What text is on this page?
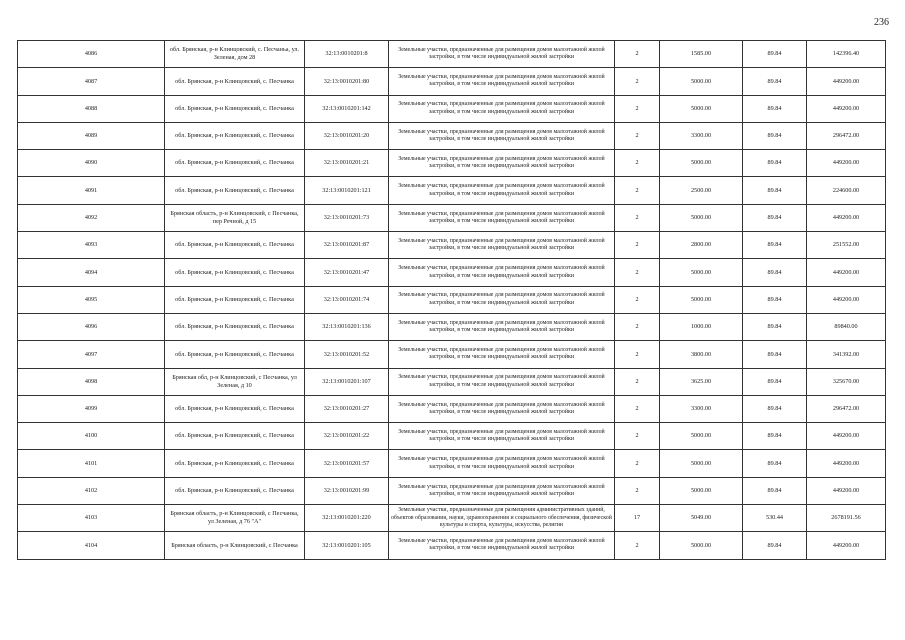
236
4086	обл. Брянская, р-н Клинцовский, с. Песчаньа, ул. Зеленая, дом 28	32:13:0010201:8	Земельные участки, предназначенные для размещения домов малоэтажной жилой застройки, в том числе индивидуальной жилой застройки	2	1585.00	89.84	142396.40
4087	обл. Брянская, р-н Клинцовский, с. Песчанка	32:13:0010201:80	Земельные участки, предназначенные для размещения домов малоэтажной жилой застройки, в том числе индивидуальной жилой застройки	2	5000.00	89.84	449200.00
4088	обл. Брянская, р-н Клинцовский, с. Песчанка	32:13:0010201:142	Земельные участки, предназначенные для размещения домов малоэтажной жилой застройки, в том числе индивидуальной жилой застройки	2	5000.00	89.84	449200.00
4089	обл. Брянская, р-н Клинцовский, с. Песчанка	32:13:0010201:20	Земельные участки, предназначенные для размещения домов малоэтажной жилой застройки, в том числе индивидуальной жилой застройки	2	3300.00	89.84	296472.00
4090	обл. Брянская, р-н Клинцовский, с. Песчанка	32:13:0010201:21	Земельные участки, предназначенные для размещения домов малоэтажной жилой застройки, в том числе индивидуальной жилой застройки	2	5000.00	89.84	449200.00
4091	обл. Брянская, р-н Клинцовский, с. Песчанка	32:13:0010201:121	Земельные участки, предназначенные для размещения домов малоэтажной жилой застройки, в том числе индивидуальной жилой застройки	2	2500.00	89.84	224600.00
4092	Брянская область, р-н Клинцовский, с Песчанка, пер Речной, д 15	32:13:0010201:73	Земельные участки, предназначенные для размещения домов малоэтажной жилой застройки, в том числе индивидуальной жилой застройки	2	5000.00	89.84	449200.00
4093	обл. Брянская, р-н Клинцовский, с. Песчанка	32:13:0010201:87	Земельные участки, предназначенные для размещения домов малоэтажной жилой застройки, в том числе индивидуальной жилой застройки	2	2800.00	89.84	251552.00
4094	обл. Брянская, р-н Клинцовский, с. Песчанка	32:13:0010201:47	Земельные участки, предназначенные для размещения домов малоэтажной жилой застройки, в том числе индивидуальной жилой застройки	2	5000.00	89.84	449200.00
4095	обл. Брянская, р-н Клинцовский, с. Песчанка	32:13:0010201:74	Земельные участки, предназначенные для размещения домов малоэтажной жилой застройки, в том числе индивидуальной жилой застройки	2	5000.00	89.84	449200.00
4096	обл. Брянская, р-н Клинцовский, с. Песчанка	32:13:0010201:136	Земельные участки, предназначенные для размещения домов малоэтажной жилой застройки, в том числе индивидуальной жилой застройки	2	1000.00	89.84	89840.00
4097	обл. Брянская, р-н Клинцовский, с. Песчанка	32:13:0010201:52	Земельные участки, предназначенные для размещения домов малоэтажной жилой застройки, в том числе индивидуальной жилой застройки	2	3800.00	89.84	341392.00
4098	Брянская обл, р-н Клинцовский, с Песчанка, ул Зеленая, д 10	32:13:0010201:107	Земельные участки, предназначенные для размещения домов малоэтажной жилой застройки, в том числе индивидуальной жилой застройки	2	3625.00	89.84	325670.00
4099	обл. Брянская, р-н Клинцовский, с. Песчанка	32:13:0010201:27	Земельные участки, предназначенные для размещения домов малоэтажной жилой застройки, в том числе индивидуальной жилой застройки	2	3300.00	89.84	296472.00
4100	обл. Брянская, р-н Клинцовский, с. Песчанка	32:13:0010201:22	Земельные участки, предназначенные для размещения домов малоэтажной жилой застройки, в том числе индивидуальной жилой застройки	2	5000.00	89.84	449200.00
4101	обл. Брянская, р-н Клинцовский, с. Песчанка	32:13:0010201:57	Земельные участки, предназначенные для размещения домов малоэтажной жилой застройки, в том числе индивидуальной жилой застройки	2	5000.00	89.84	449200.00
4102	обл. Брянская, р-н Клинцовский, с. Песчанка	32:13:0010201:99	Земельные участки, предназначенные для размещения домов малоэтажной жилой застройки, в том числе индивидуальной жилой застройки	2	5000.00	89.84	449200.00
4103	Брянская область, р-н Клинцовский, с Песчанка, ул Зеленая, д 76 "А"	32:13:0010201:220	Земельные участки, предназначенные для размещения административных зданий, объектов образования, науки, здравоохранения и социального обеспечения, физической культуры и спорта, культуры, искусства, религии	17	5049.00	530.44	2678191.56
4104	Брянская область, р-н Клинцовский, с Песчанка	32:13:0010201:105	Земельные участки, предназначенные для размещения домов малоэтажной жилой застройки, в том числе индивидуальной жилой застройки	2	5000.00	89.84	449200.00
